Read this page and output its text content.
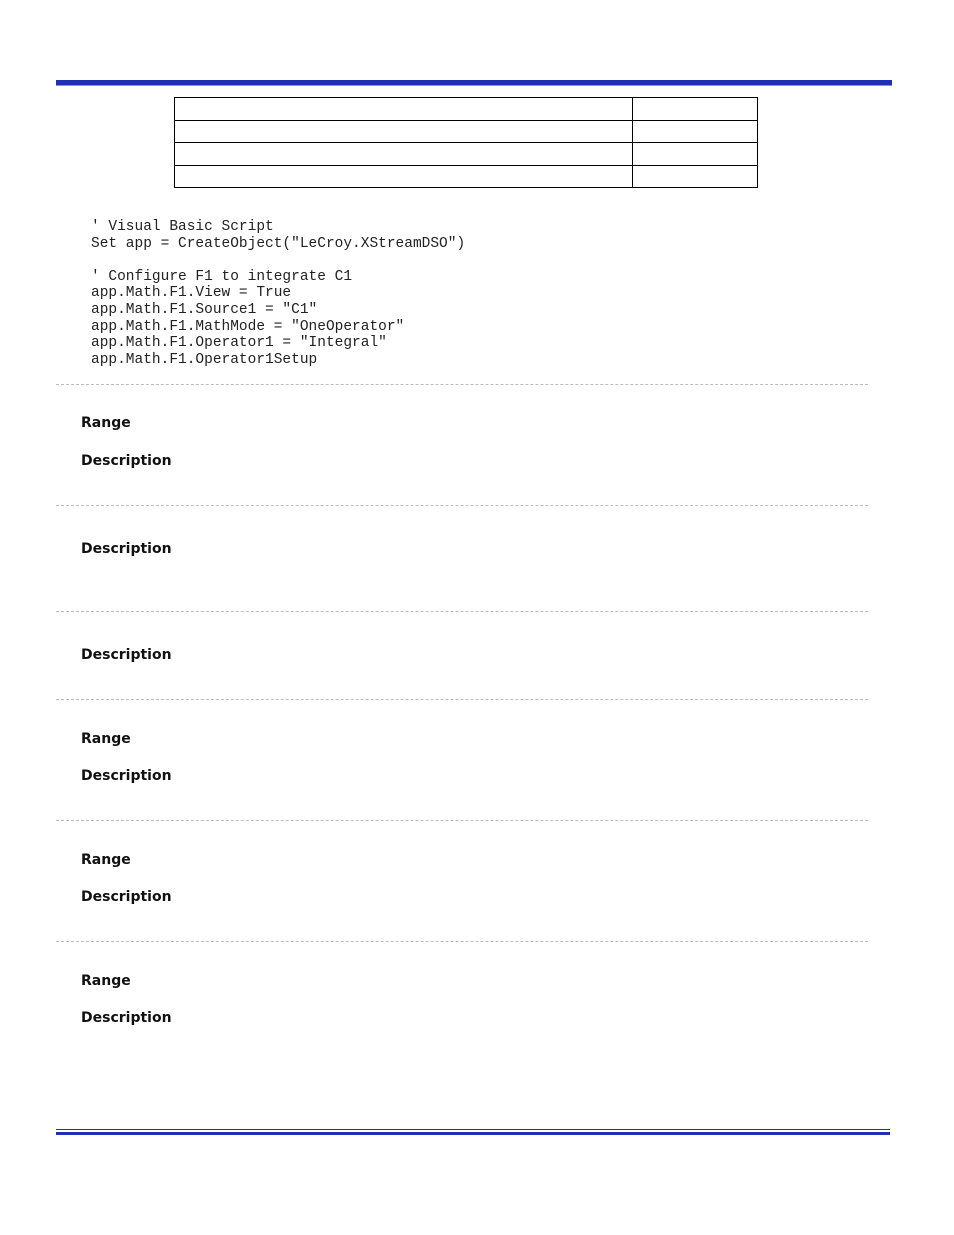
' Visual Basic Script
Set app = CreateObject("LeCroy.XStreamDSO")

' Configure F1 to integrate C1
app.Math.F1.View = True
app.Math.F1.Source1 = "C1"
app.Math.F1.MathMode = "OneOperator"
app.Math.F1.Operator1 = "Integral"
app.Math.F1.Operator1Setup
Range
Description
Description
Description
Range
Description
Range
Description
Range
Description
